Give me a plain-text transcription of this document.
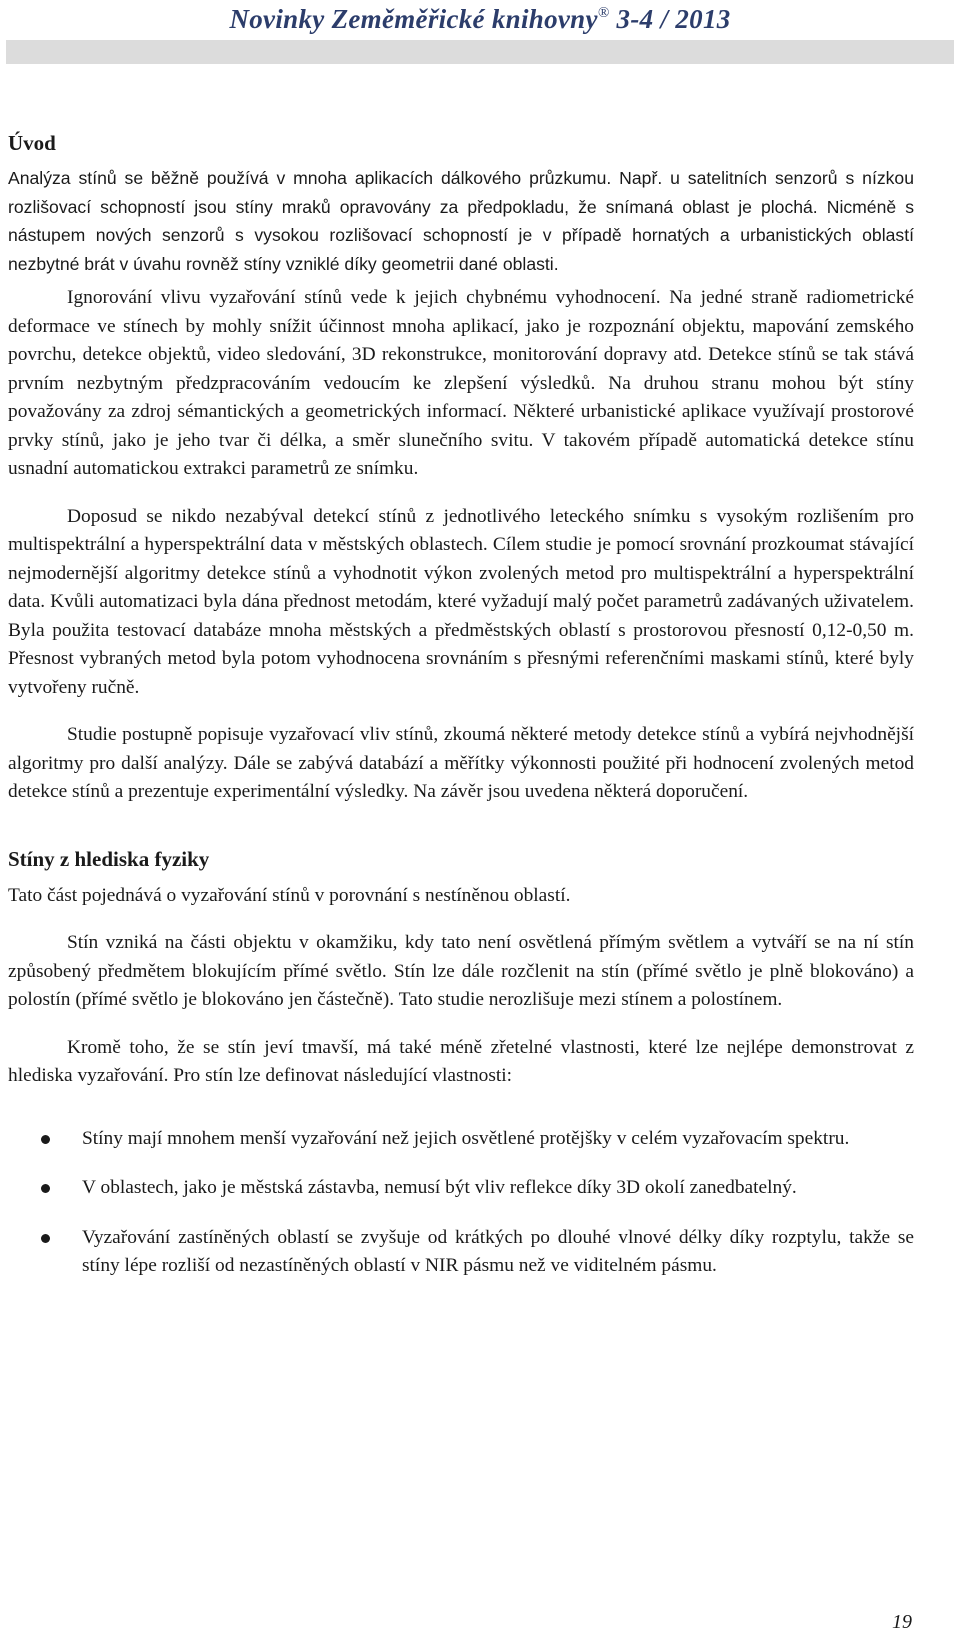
Novinky Zeměměřické knihovny® 3-4 / 2013
Úvod

Analýza stínů se běžně používá v mnoha aplikacích dálkového průzkumu. Např. u satelitních senzorů s nízkou rozlišovací schopností jsou stíny mraků opravovány za předpokladu, že snímaná oblast je plochá. Nicméně s nástupem nových senzorů s vysokou rozlišovací schopností je v případě hornatých a urbanistických oblastí nezbytné brát v úvahu rovněž stíny vzniklé díky geometrii dané oblasti.

Ignorování vlivu vyzařování stínů vede k jejich chybnému vyhodnocení. Na jedné straně radiometrické deformace ve stínech by mohly snížit účinnost mnoha aplikací, jako je rozpoznání objektu, mapování zemského povrchu, detekce objektů, video sledování, 3D rekonstrukce, monitorování dopravy atd. Detekce stínů se tak stává prvním nezbytným předzpracováním vedoucím ke zlepšení výsledků. Na druhou stranu mohou být stíny považovány za zdroj sémantických a geometrických informací. Některé urbanistické aplikace využívají prostorové prvky stínů, jako je jeho tvar či délka, a směr slunečního svitu. V takovém případě automatická detekce stínu usnadní automatickou extrakci parametrů ze snímku.

Doposud se nikdo nezabýval detekcí stínů z jednotlivého leteckého snímku s vysokým rozlišením pro multispektrální a hyperspektrální data v městských oblastech. Cílem studie je pomocí srovnání prozkoumat stávající nejmodernější algoritmy detekce stínů a vyhodnotit výkon zvolených metod pro multispektrální a hyperspektrální data. Kvůli automatizaci byla dána přednost metodám, které vyžadují malý počet parametrů zadávaných uživatelem. Byla použita testovací databáze mnoha městských a předměstských oblastí s prostorovou přesností 0,12-0,50 m. Přesnost vybraných metod byla potom vyhodnocena srovnáním s přesnými referenčními maskami stínů, které byly vytvořeny ručně.

Studie postupně popisuje vyzařovací vliv stínů, zkoumá některé metody detekce stínů a vybírá nejvhodnější algoritmy pro další analýzy. Dále se zabývá databází a měřítky výkonnosti použité při hodnocení zvolených metod detekce stínů a prezentuje experimentální výsledky. Na závěr jsou uvedena některá doporučení.

Stíny z hlediska fyziky

Tato část pojednává o vyzařování stínů v porovnání s nestíněnou oblastí.

Stín vzniká na části objektu v okamžiku, kdy tato není osvětlená přímým světlem a vytváří se na ní stín způsobený předmětem blokujícím přímé světlo. Stín lze dále rozčlenit na stín (přímé světlo je plně blokováno) a polostín (přímé světlo je blokováno jen částečně). Tato studie nerozlišuje mezi stínem a polostínem.

Kromě toho, že se stín jeví tmavší, má také méně zřetelné vlastnosti, které lze nejlépe demonstrovat z hlediska vyzařování. Pro stín lze definovat následující vlastnosti:

Stíny mají mnohem menší vyzařování než jejich osvětlené protějšky v celém vyzařovacím spektru.
V oblastech, jako je městská zástavba, nemusí být vliv reflekce díky 3D okolí zanedbatelný.
Vyzařování zastíněných oblastí se zvyšuje od krátkých po dlouhé vlnové délky díky rozptylu, takže se stíny lépe rozliší od nezastíněných oblastí v NIR pásmu než ve viditelném pásmu.
19
